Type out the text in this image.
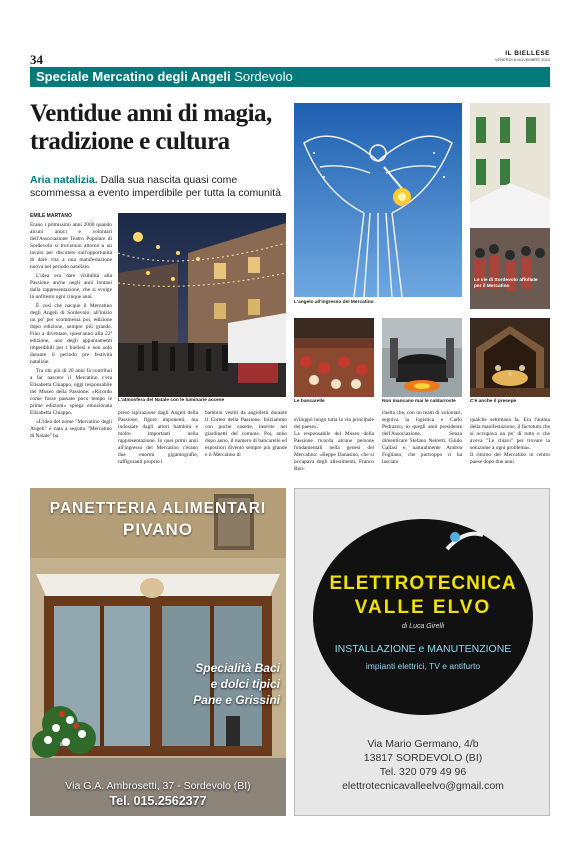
34	IL BIELLESE
VENERDÌ 8 NOVEMBRE 2024
Speciale Mercatino degli Angeli Sordevolo
Ventidue anni di magia,
tradizione e cultura
Aria natalizia. Dalla sua nascita quasi come scommessa a evento imperdibile per tutta la comunità
EMILE MARTANO

Erano i primissimi anni 2000 quando alcuni amici e volontari dell'Associazione Teatro Popolare di Sordevolo si trovarono attorno a un tavolo per discutere sull'opportunità di dare vita a una manifestazione nuova nel periodo natalizio.

L'idea era dare visibilità alla Passione anche negli anni lontani dalla rappresentazione, che si svolge in unfitesto ogni cinque anni.

È così che nacque il Mercatino degli Angeli di Sordevolo, all'inizio un po' per scommessa poi, edizione dopo edizione, sempre più grande. Fino a diventare, quest'anno alla 22ª edizione, uno degli appuntamenti imperdibili per i biellesi e non solo durante il periodo pre festività natalizie.

Tra chi più di 20 anni fa contribuì a far nascere il Mercatino c'era Elisabetta Chiappo, oggi responsabile del Museo della Passione: «Ricordo come fosse passato poco tempo le prime edizioni» spiega emozionata Elisabetta Chiappo.

«L'idea del nome "Mercatino degli Angeli" è nata a seguito "Mercatino di Natale" ha

L'atmosfera del Natale con le luminarie accese
L'angelo all'ingresso del Mercatino
Le vie di Sordevolo affollate per il Mercatino
Le bancarelle	Non mancano mai le caldarroste	C'è anche il presepe

preso ispirazione dagli Angeli della Passione, figure imponenti, ma indossate dagli attori bambini e molto importanti nella rappresentazione. In quei primi anni all'ingresso del Mercatino c'erano due enormi gigantografie, raffiguranti proprio i

bambini vestiti da angioletti durante il Corteo della Passione. Iniziammo con poche casette, inserite nei giardinetti del comune. Poi, anno dopo anno, il numero di bancarelle ed espositori diventò sempre più grande e il Mercatino di

sviluppò lungo tutta la via principale del paese».
La responsabile del Museo della Passione ricorda alcune persone fondamentali nella genesi del Mercatino: «Beppe Danasino, che si occupava degli allestimenti, Franco Ron-

chetta che, con un team di volontari, seguiva la logistica e Carlo Pedrazzo, in quegli anni presidente dell'Associazione. Senza dimenticare Stefano Neiretti, Guido Gallasi e, naturalmente Andrea Fogliano, che purtroppo ci ha lasciato

qualche settimana fa. Era l'anima della manifestazione, il factotum che si occupava un po' di tutto e che aveva "Le chiavi" per trovare la soluzione a ogni problema».
Il ritorno del Mercatino in centro paese dopo due anni

PANETTERIA ALIMENTARI
PIVANO
Specialità Baci
e dolci tipici
Pane e Grissini
Via G.A. Ambrosetti, 37 - Sordevolo (BI)
Tel. 015.2562377
ELETTROTECNICA
VALLE ELVO
di Luca Girelli
INSTALLAZIONE e MANUTENZIONE
impianti elettrici, TV e antifurto
Via Mario Germano, 4/b
13817 SORDEVOLO (BI)
Tel. 320 079 49 96
elettrotecnicavalleelvo@gmail.com
